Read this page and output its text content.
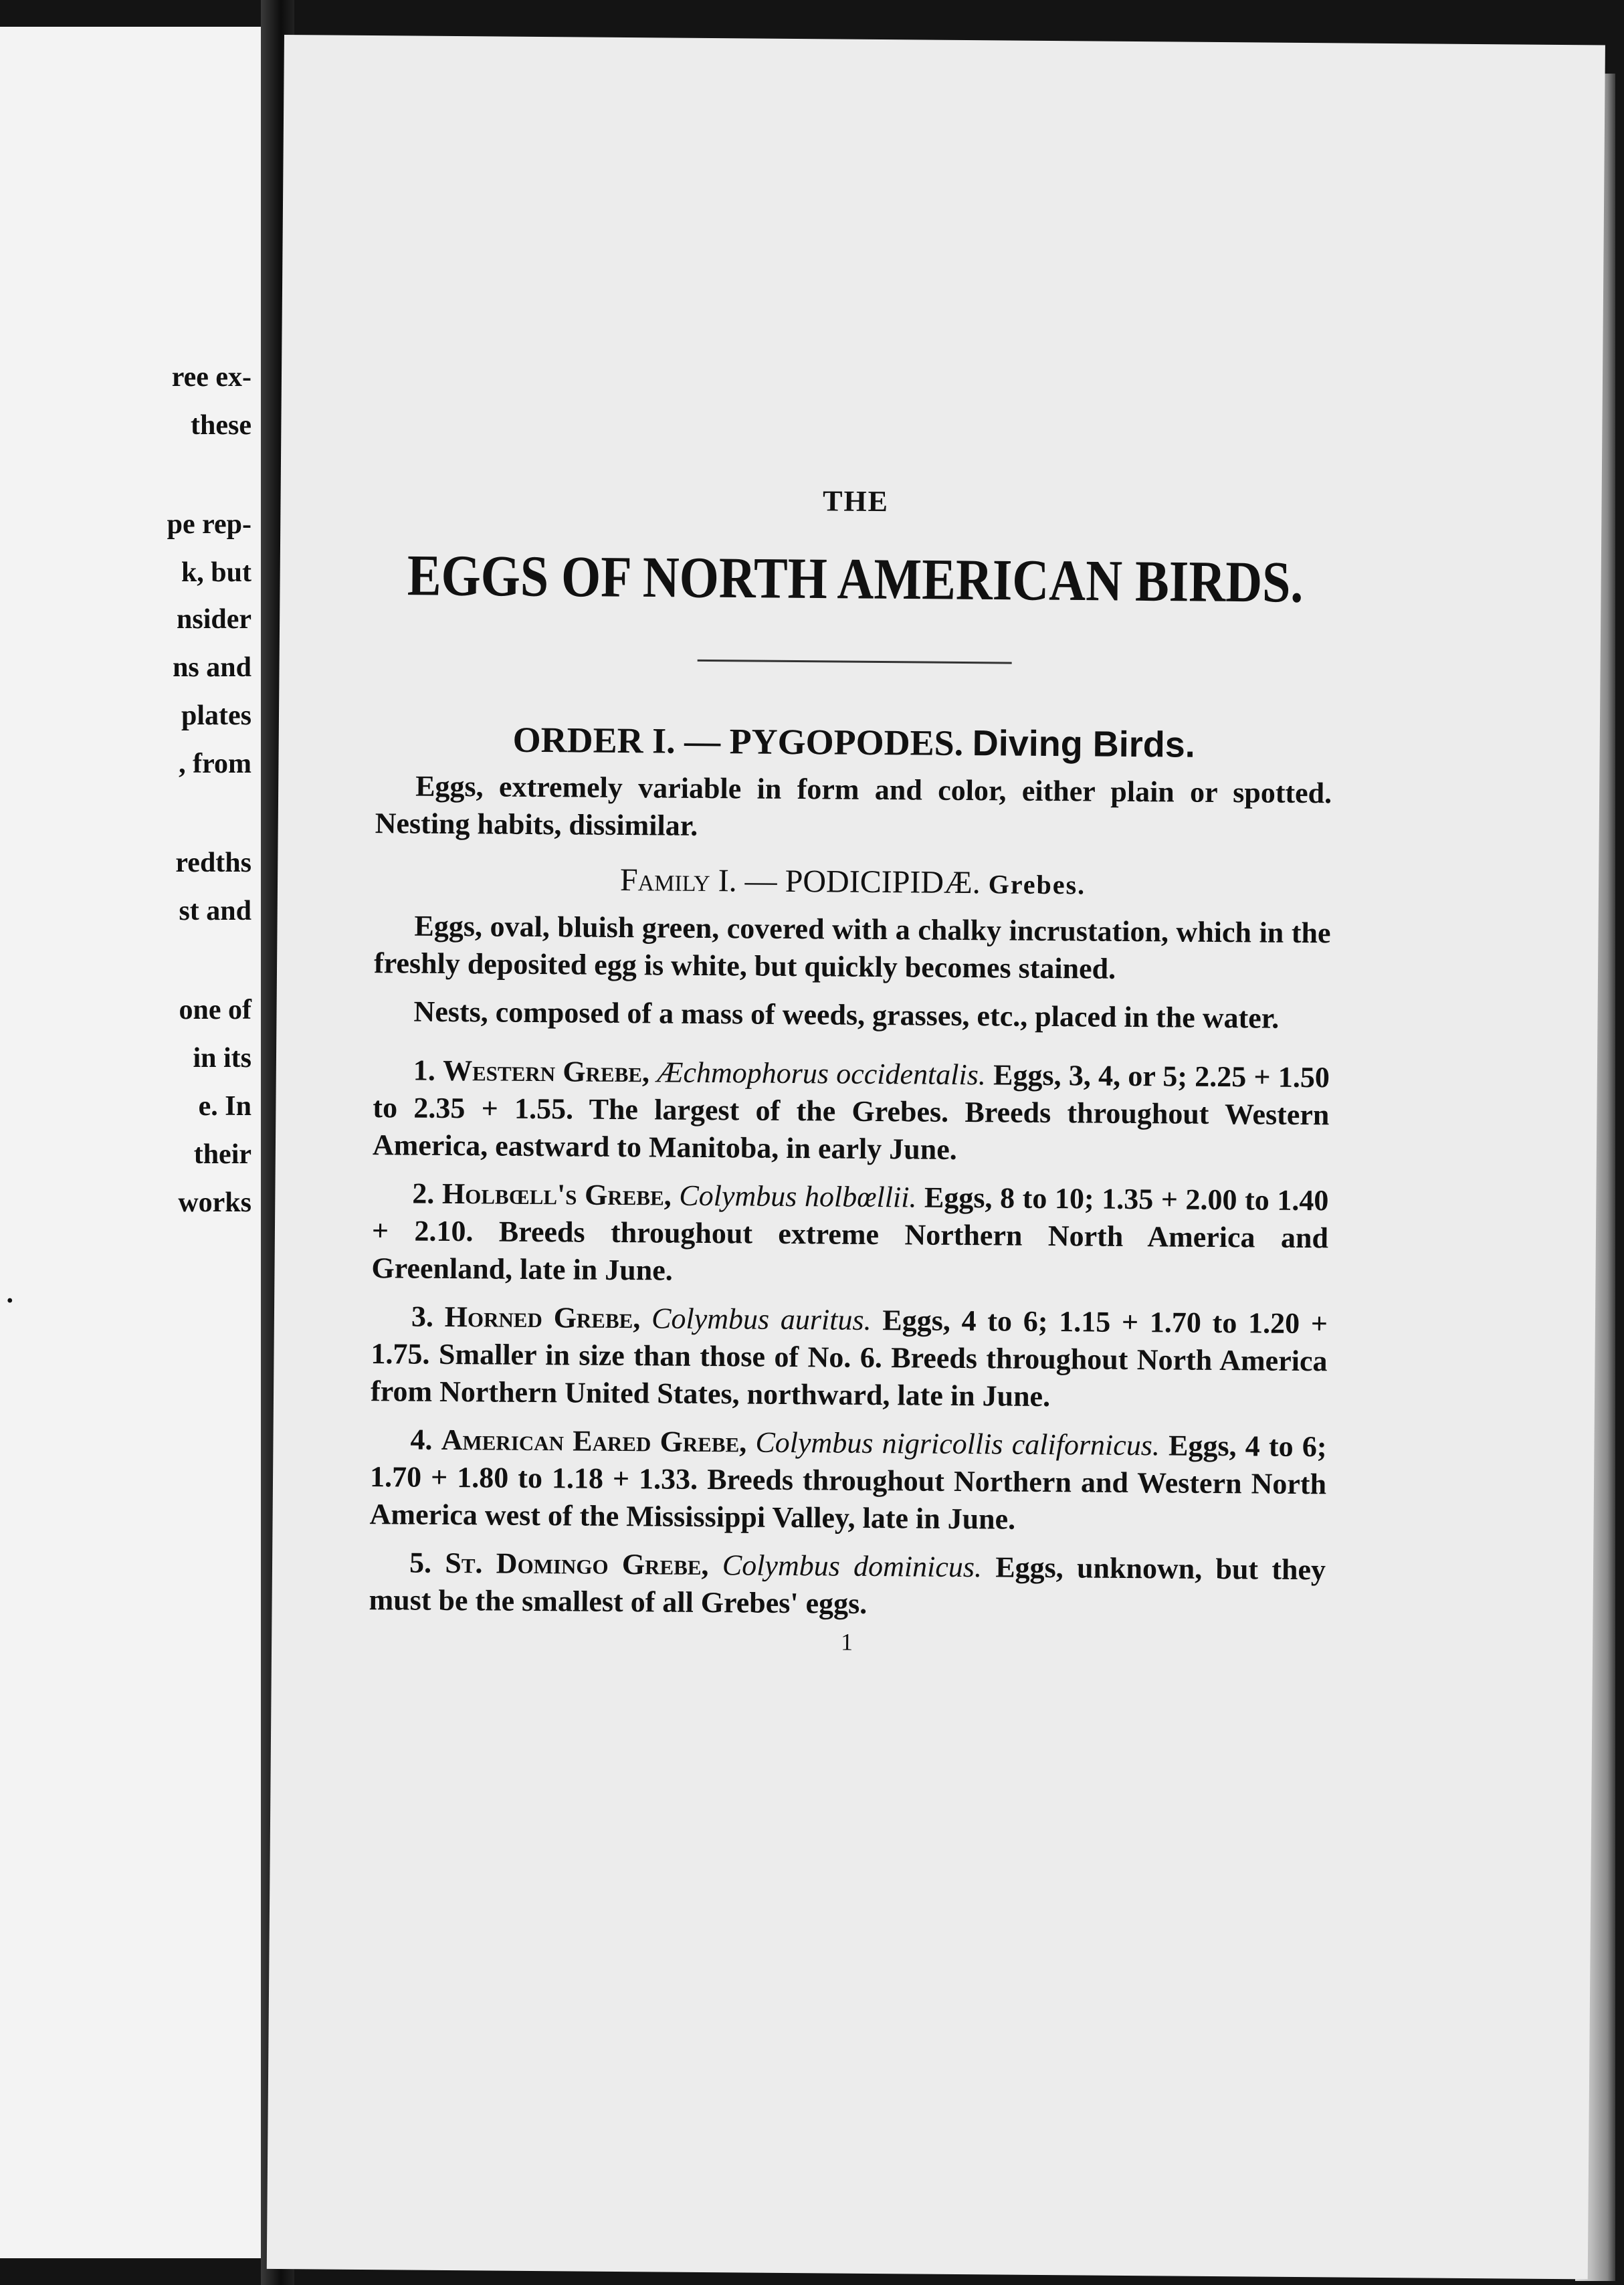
ree ex-
these
pe rep-
k, but
nsider
ns and
plates
, from
redths
st and
one of
in its
e. In
their
works
.
THE
EGGS OF NORTH AMERICAN BIRDS.
ORDER I. — PYGOPODES. Diving Birds.

Eggs, extremely variable in form and color, either plain or spotted. Nesting habits, dissimilar.

Family I. — PODICIPIDÆ. Grebes.

Eggs, oval, bluish green, covered with a chalky incrustation, which in the freshly deposited egg is white, but quickly becomes stained.

Nests, composed of a mass of weeds, grasses, etc., placed in the water.

1. Western Grebe, Æchmophorus occidentalis. Eggs, 3, 4, or 5; 2.25 + 1.50 to 2.35 + 1.55. The largest of the Grebes. Breeds throughout Western America, eastward to Manitoba, in early June.

2. Holbœll's Grebe, Colymbus holbœllii. Eggs, 8 to 10; 1.35 + 2.00 to 1.40 + 2.10. Breeds throughout extreme Northern North America and Greenland, late in June.

3. Horned Grebe, Colymbus auritus. Eggs, 4 to 6; 1.15 + 1.70 to 1.20 + 1.75. Smaller in size than those of No. 6. Breeds throughout North America from Northern United States, northward, late in June.

4. American Eared Grebe, Colymbus nigricollis californicus. Eggs, 4 to 6; 1.70 + 1.80 to 1.18 + 1.33. Breeds throughout Northern and Western North America west of the Mississippi Valley, late in June.

5. St. Domingo Grebe, Colymbus dominicus. Eggs, unknown, but they must be the smallest of all Grebes' eggs.

1
